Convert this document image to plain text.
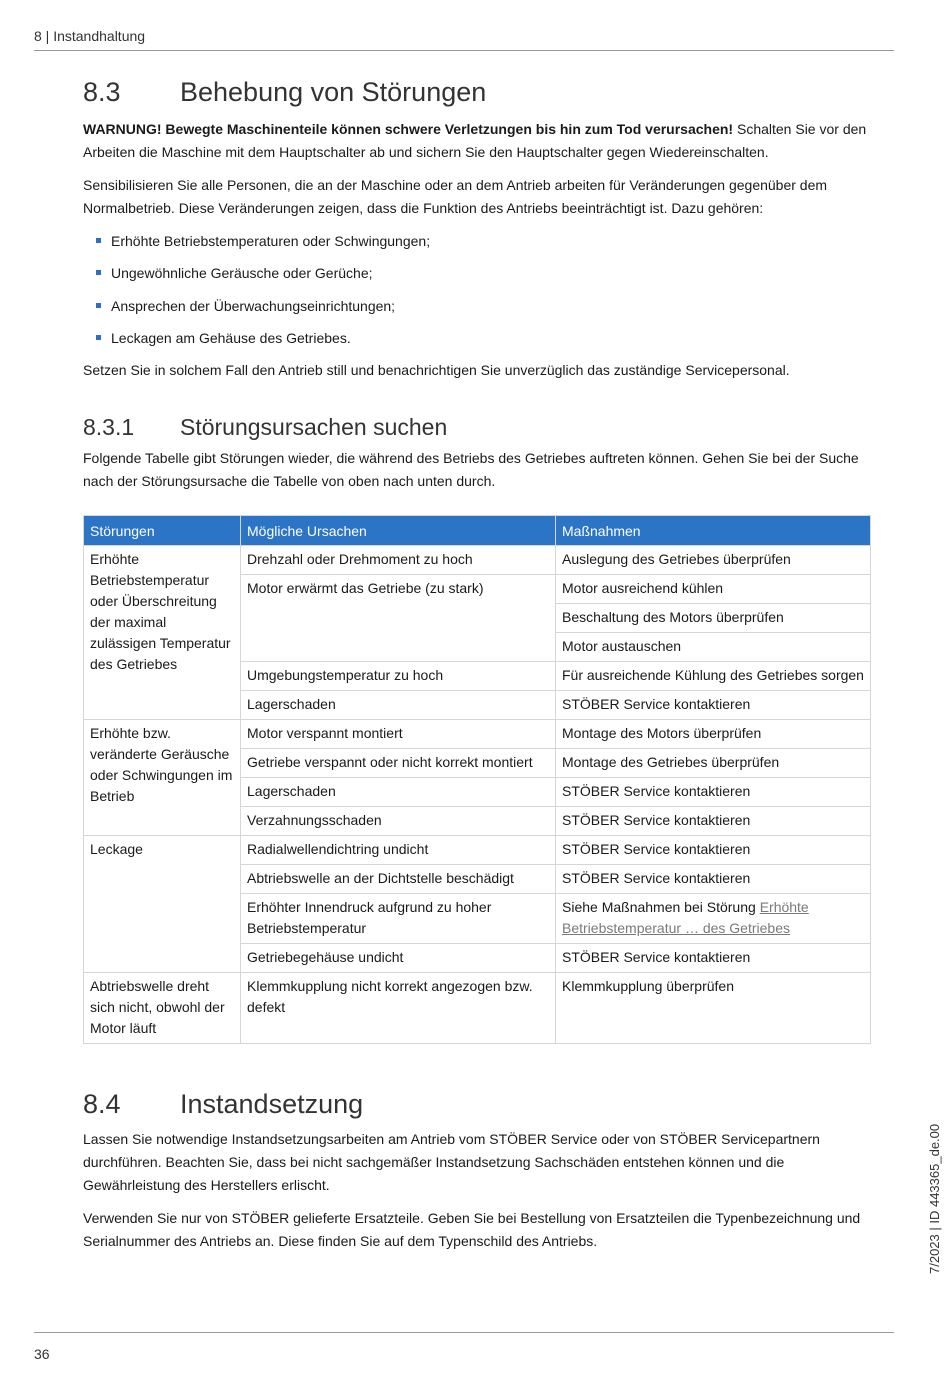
8 | Instandhaltung
8.3 Behebung von Störungen

WARNUNG! Bewegte Maschinenteile können schwere Verletzungen bis hin zum Tod verursachen! Schalten Sie vor den Arbeiten die Maschine mit dem Hauptschalter ab und sichern Sie den Hauptschalter gegen Wiedereinschalten.

Sensibilisieren Sie alle Personen, die an der Maschine oder an dem Antrieb arbeiten für Veränderungen gegenüber dem Normalbetrieb. Diese Veränderungen zeigen, dass die Funktion des Antriebs beeinträchtigt ist. Dazu gehören:

Erhöhte Betriebstemperaturen oder Schwingungen;
Ungewöhnliche Geräusche oder Gerüche;
Ansprechen der Überwachungseinrichtungen;
Leckagen am Gehäuse des Getriebes.

Setzen Sie in solchem Fall den Antrieb still und benachrichtigen Sie unverzüglich das zuständige Servicepersonal.

8.3.1 Störungsursachen suchen

Folgende Tabelle gibt Störungen wieder, die während des Betriebs des Getriebes auftreten können. Gehen Sie bei der Suche nach der Störungsursache die Tabelle von oben nach unten durch.

Störungen	Mögliche Ursachen	Maßnahmen
Erhöhte Betriebstemperatur oder Überschreitung der maximal zulässigen Temperatur des Getriebes	Drehzahl oder Drehmoment zu hoch	Auslegung des Getriebes überprüfen
	Motor erwärmt das Getriebe (zu stark)	Motor ausreichend kühlen
		Beschaltung des Motors überprüfen
		Motor austauschen
	Umgebungstemperatur zu hoch	Für ausreichende Kühlung des Getriebes sorgen
	Lagerschaden	STÖBER Service kontaktieren
Erhöhte bzw. veränderte Geräusche oder Schwingungen im Betrieb	Motor verspannt montiert	Montage des Motors überprüfen
	Getriebe verspannt oder nicht korrekt montiert	Montage des Getriebes überprüfen
	Lagerschaden	STÖBER Service kontaktieren
	Verzahnungsschaden	STÖBER Service kontaktieren
Leckage	Radialwellendichtring undicht	STÖBER Service kontaktieren
	Abtriebswelle an der Dichtstelle beschädigt	STÖBER Service kontaktieren
	Erhöhter Innendruck aufgrund zu hoher Betriebstemperatur	Siehe Maßnahmen bei Störung Erhöhte Betriebstemperatur … des Getriebes
	Getriebegehäuse undicht	STÖBER Service kontaktieren
Abtriebswelle dreht sich nicht, obwohl der Motor läuft	Klemmkupplung nicht korrekt angezogen bzw. defekt	Klemmkupplung überprüfen
8.4 Instandsetzung

Lassen Sie notwendige Instandsetzungsarbeiten am Antrieb vom STÖBER Service oder von STÖBER Servicepartnern durchführen. Beachten Sie, dass bei nicht sachgemäßer Instandsetzung Sachschäden entstehen können und die Gewährleistung des Herstellers erlischt.

Verwenden Sie nur von STÖBER gelieferte Ersatzteile. Geben Sie bei Bestellung von Ersatzteilen die Typenbezeichnung und Serialnummer des Antriebs an. Diese finden Sie auf dem Typenschild des Antriebs.	7/2023 | ID 443365_de.00
36
